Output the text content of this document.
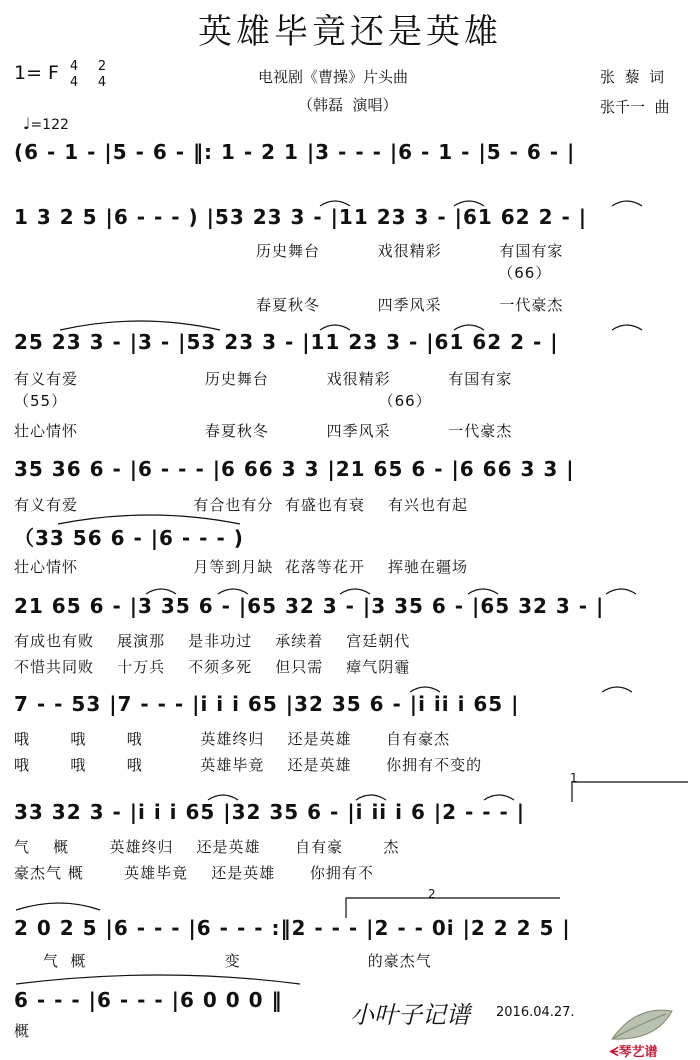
英雄毕竟还是英雄
1= F 4
4
2
4

♩=122

电视剧《曹操》片头曲
（韩磊  演唱）
张  藜  词
张千一  曲
(6 - 1 - |5 - 6 - ‖: 1 - 2 1 |3 - - - |6 - 1 - |5 - 6 - |
1 3 2 5 |6 - - - ) |53 23 3 - |11 23 3 - |61 62 2 - |
历史舞台          戏很精彩          有国有家
（66）
春夏秋冬          四季风采          一代豪杰
25 23 3 - |3 - |53 23 3 - |11 23 3 - |61 62 2 - |
有义有爱                      历史舞台          戏很精彩          有国有家
（55）                                                      （66）
壮心情怀                      春夏秋冬          四季风采          一代豪杰
35 36 6 - |6 - - - |6 66 3 3 |21 65 6 - |6 66 3 3 |
有义有爱                    有合也有分  有盛也有衰    有兴也有起
（33 56 6 - |6 - - - )
壮心情怀                    月等到月缺  花落等花开    挥驰在疆场
21 65 6 - |3 35 6 - |65 32 3 - |3 35 6 - |65 32 3 - |
有成也有败    展演那    是非功过    承续着    宫廷朝代
不惜共同败    十万兵    不须多死    但只需    瘴气阴霾
7 - - 53 |7 - - - |i i i 65 |32 35 6 - |i ii i 65 |
哦       哦       哦          英雄终归    还是英雄      自有豪杰
哦       哦       哦          英雄毕竟    还是英雄      你拥有不变的
33 32 3 - |i i i 65 |32 35 6 - |i ii i 6 |2 - - - |
气    概       英雄终归    还是英雄      自有豪       杰
豪杰气 概       英雄毕竟    还是英雄      你拥有不
2 0 2 5 |6 - - - |6 - - - :‖2 - - - |2 - - 0i |2 2 2 5 |
气  概                        变                      的豪杰气
6 - - - |6 - - - |6 0 0 0 ‖
概
1
2
小叶子记谱 2016.04.27.

ᗕ琴艺谱
